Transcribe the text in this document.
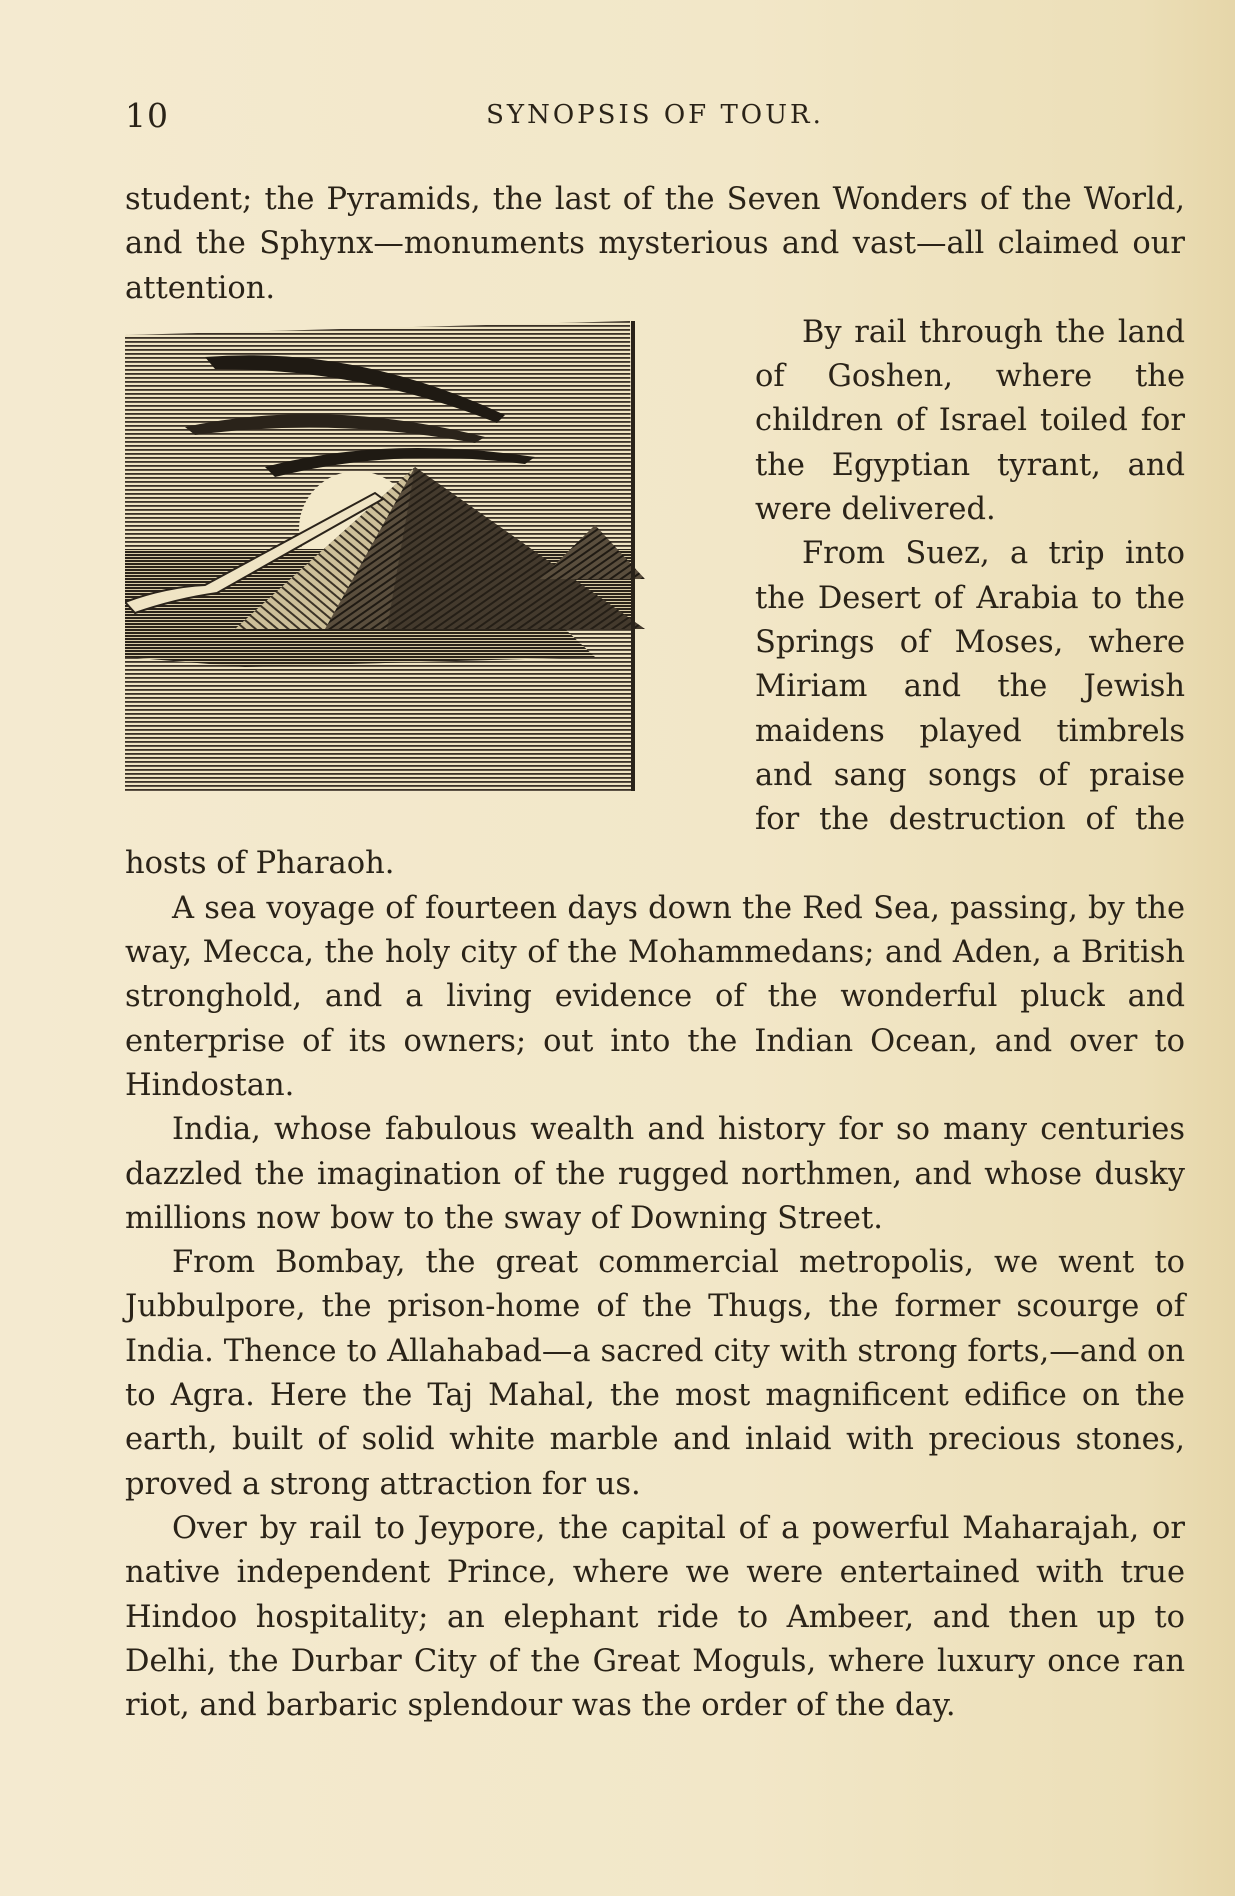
10	SYNOPSIS OF TOUR.

student; the Pyramids, the last of the Seven Wonders of the World, and the Sphynx—monuments mysterious and vast—all claimed our attention.

By rail through the land of Goshen, where the children of Israel toiled for the Egyptian tyrant, and were delivered.

From Suez, a trip into the Desert of Arabia to the Springs of Moses, where Miriam and the Jewish maidens played timbrels and sang songs of praise for the destruction of the hosts of Pharaoh.

A sea voyage of fourteen days down the Red Sea, passing, by the way, Mecca, the holy city of the Mohammedans; and Aden, a British stronghold, and a living evidence of the wonderful pluck and enterprise of its owners; out into the Indian Ocean, and over to Hindostan.

India, whose fabulous wealth and history for so many centuries dazzled the imagination of the rugged northmen, and whose dusky millions now bow to the sway of Downing Street.

From Bombay, the great commercial metropolis, we went to Jubbulpore, the prison-home of the Thugs, the former scourge of India. Thence to Allahabad—a sacred city with strong forts,—and on to Agra. Here the Taj Mahal, the most magnificent edifice on the earth, built of solid white marble and inlaid with precious stones, proved a strong attraction for us.

Over by rail to Jeypore, the capital of a powerful Maharajah, or native independent Prince, where we were entertained with true Hindoo hospitality; an elephant ride to Ambeer, and then up to Delhi, the Durbar City of the Great Moguls, where luxury once ran riot, and barbaric splendour was the order of the day.
